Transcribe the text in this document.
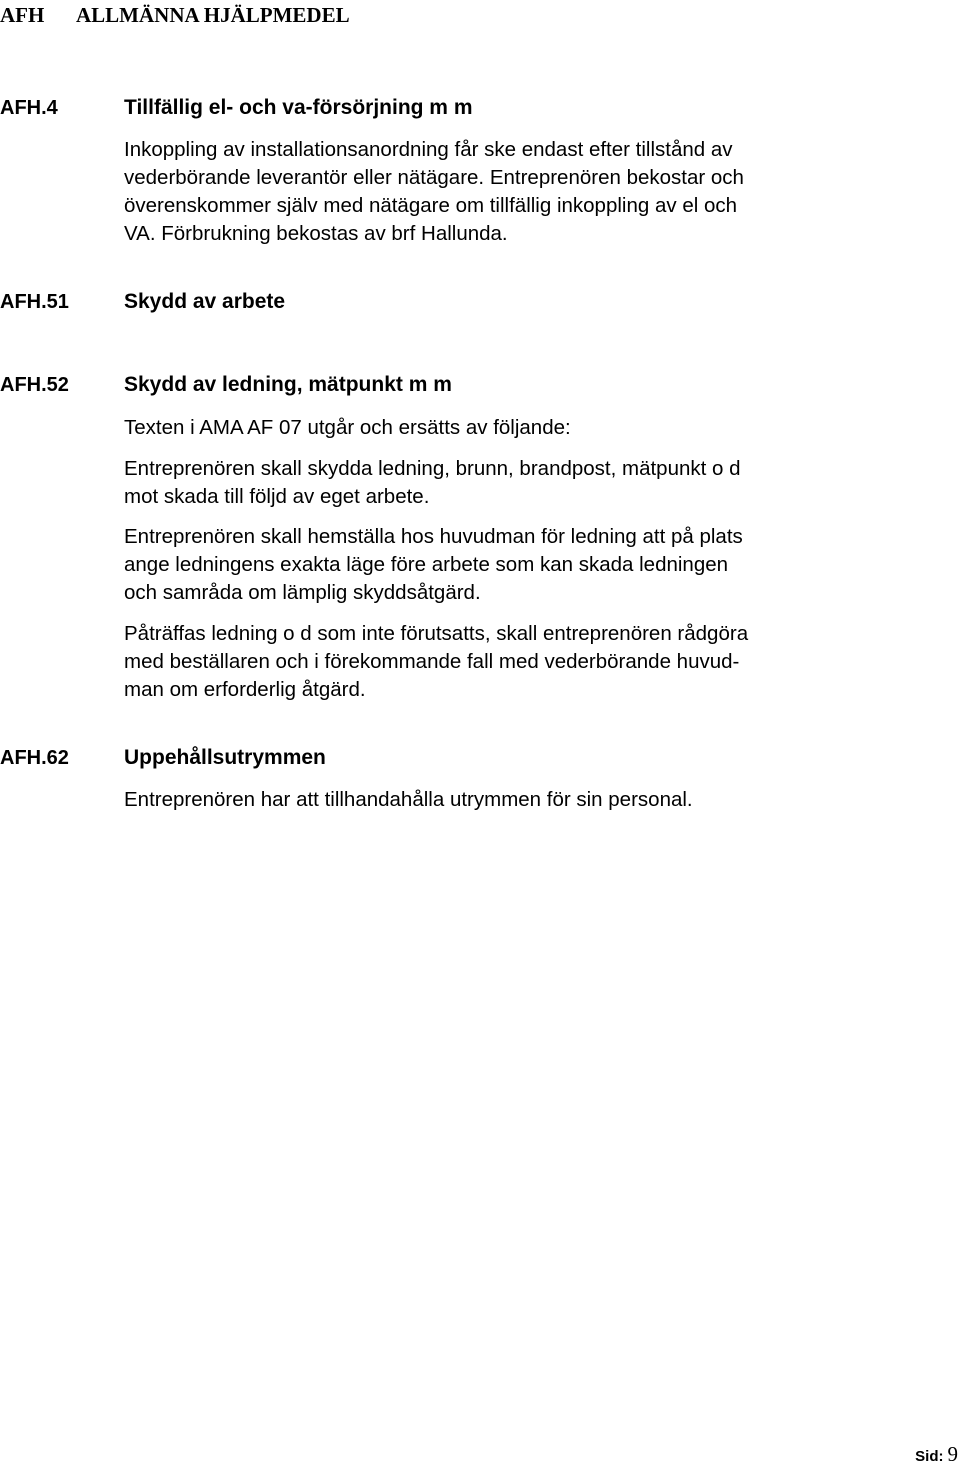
AFH ALLMÄNNA HJÄLPMEDEL
AFH.4	Tillfällig el- och va-försörjning m m

Inkoppling av installationsanordning får ske endast efter tillstånd av
vederbörande leverantör eller nätägare. Entreprenören bekostar och
överenskommer själv med nätägare om tillfällig inkoppling av el och
VA. Förbrukning bekostas av brf Hallunda.

AFH.51	Skydd av arbete
AFH.52	Skydd av ledning, mätpunkt m m

Texten i AMA AF 07 utgår och ersätts av följande:

Entreprenören skall skydda ledning, brunn, brandpost, mätpunkt o d
mot skada till följd av eget arbete.

Entreprenören skall hemställa hos huvudman för ledning att på plats
ange ledningens exakta läge före arbete som kan skada ledningen
och samråda om lämplig skyddsåtgärd.

Påträffas ledning o d som inte förutsatts, skall entreprenören rådgöra
med beställaren och i förekommande fall med vederbörande huvud-
man om erforderlig åtgärd.

AFH.62	Uppehållsutrymmen

Entreprenören har att tillhandahålla utrymmen för sin personal.

Sid: 9
